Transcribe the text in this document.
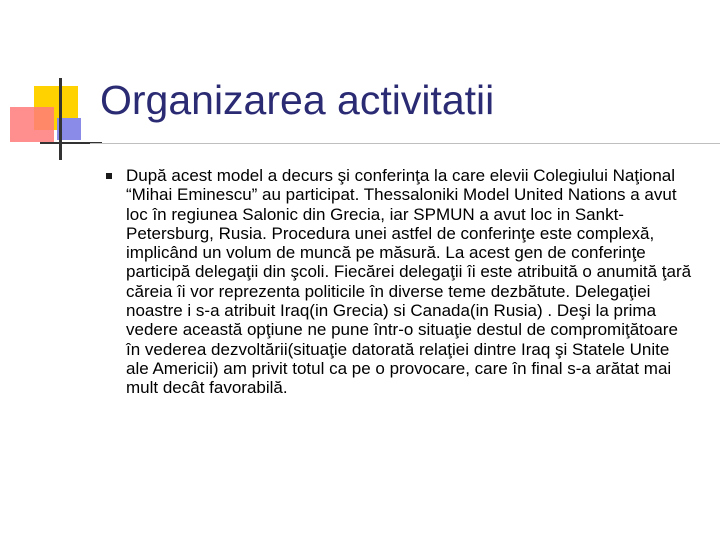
Organizarea activitatii

După acest model a decurs şi conferinţa la care elevii Colegiului Naţional “Mihai Eminescu” au participat. Thessaloniki Model United Nations a avut loc în regiunea Salonic din Grecia, iar SPMUN a avut loc in Sankt-Petersburg, Rusia. Procedura unei astfel de conferinţe este complexă, implicând un volum de muncă pe măsură. La acest gen de conferinţe participă delegaţii din şcoli. Fiecărei delegaţii îi este atribuită o anumită ţară căreia îi vor reprezenta politicile în diverse teme dezbătute. Delegaţiei noastre i s-a atribuit Iraq(in Grecia) si Canada(in Rusia) . Deşi la prima vedere această opţiune ne pune într-o situaţie destul de compromiţătoare în vederea dezvoltării(situaţie datorată relaţiei dintre Iraq şi Statele Unite ale Americii) am privit totul ca pe o provocare, care în final s-a arătat mai mult decât favorabilă.
